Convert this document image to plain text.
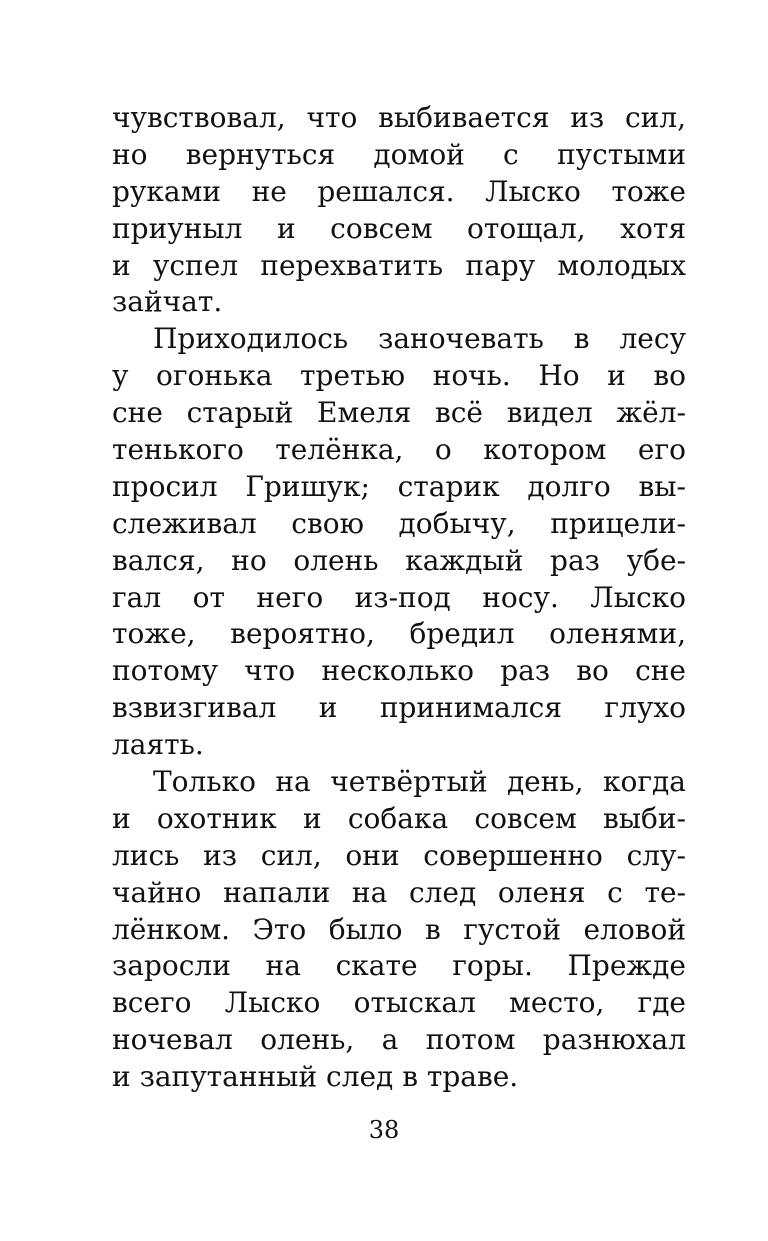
чувствовал, что выбивается из сил,
но вернуться домой с пустыми
руками не решался. Лыско тоже
приуныл и совсем отощал, хотя
и успел перехватить пару молодых
зайчат.
Приходилось заночевать в лесу
у огонька третью ночь. Но и во
сне старый Емеля всё видел жёл-
тенького телёнка, о котором его
просил Гришук; старик долго вы-
слеживал свою добычу, прицели-
вался, но олень каждый раз убе-
гал от него из-под носу. Лыско
тоже, вероятно, бредил оленями,
потому что несколько раз во сне
взвизгивал и принимался глухо
лаять.
Только на четвёртый день, когда
и охотник и собака совсем выби-
лись из сил, они совершенно слу-
чайно напали на след оленя с те-
лёнком. Это было в густой еловой
заросли на скате горы. Прежде
всего Лыско отыскал место, где
ночевал олень, а потом разнюхал
и запутанный след в траве.
38
